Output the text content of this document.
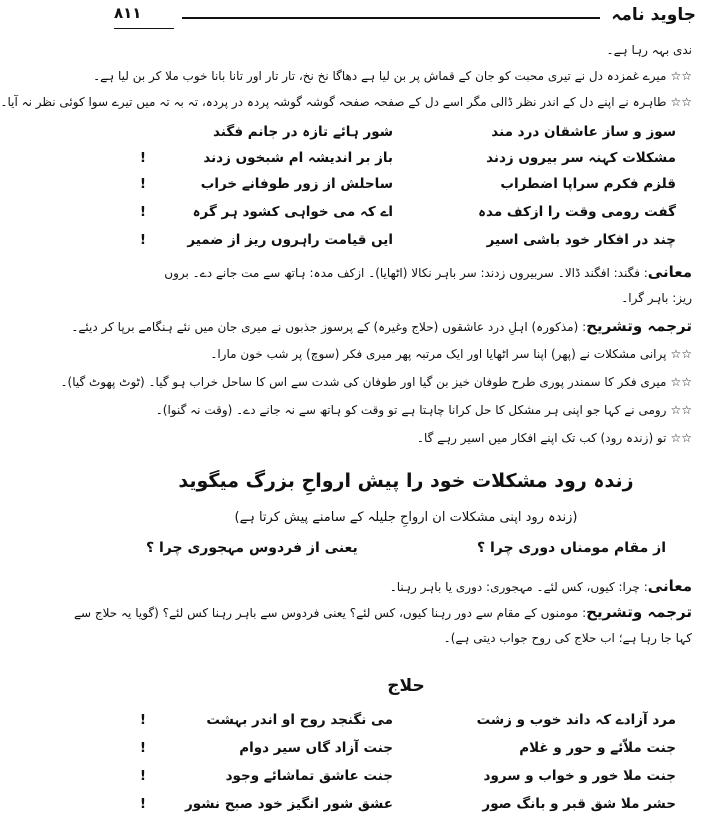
جاوید نامہ
۸۱۱
ندی بہہ رہا ہے۔
☆☆میرے غمزدہ دل نے تیری محبت کو جان کے قماش پر بن لیا ہے دھاگا نخ نخ، تار تار اور تانا بانا خوب ملا کر بن لیا ہے۔
☆☆طاہرہ نے اپنے دل کے اندر نظر ڈالی مگر اسے دل کے صفحہ صفحہ گوشہ گوشہ پردہ در پردہ، تہ بہ تہ میں تیرے سوا کوئی نظر نہ آیا۔
سوز و ساز عاشقان درد مند
شور ہائے تازہ در جانم فگند
مشکلات کہنہ سر بیروں زدند
باز بر اندیشہ ام شبخوں زدند
!
قلزم فکرم سراپا اضطراب
ساحلش از زور طوفانے خراب
!
گفت رومی وقت را ازکف مدہ
اے کہ می خواہی کشود ہر گرہ
!
چند در افکار خود باشی اسیر
ایں قیامت راہروں ریز از ضمیر
!
معانی: فگند: افگند ڈالا۔ سربیروں زدند: سر باہر نکالا (اٹھایا)۔ ازکف مدہ: ہاتھ سے مت جانے دے۔ بروں
ریز: باہر گرا۔
ترجمہ وتشریح: (مذکورہ) اہلِ درد عاشقوں (حلاج وغیرہ) کے پرسوز جذبوں نے میری جان میں نئے ہنگامے برپا کر دیئے۔
☆☆پرانی مشکلات نے (پھر) اپنا سر اٹھایا اور ایک مرتبہ پھر میری فکر (سوچ) پر شب خون مارا۔
☆☆میری فکر کا سمندر پوری طرح طوفان خیز بن گیا اور طوفان کی شدت سے اس کا ساحل خراب ہو گیا۔ (ٹوٹ پھوٹ گیا)۔
☆☆رومی نے کہا جو اپنی ہر مشکل کا حل کرانا چاہتا ہے تو وقت کو ہاتھ سے نہ جانے دے۔ (وقت نہ گنوا)۔
☆☆تو (زندہ رود) کب تک اپنے افکار میں اسیر رہے گا۔
زندہ رود مشکلات خود را پیش ارواحِ بزرگ میگوید
(زندہ رود اپنی مشکلات ان ارواحِ جلیلہ کے سامنے پیش کرتا ہے)
از مقام مومناں دوری چرا ؟
یعنی از فردوس مہجوری چرا ؟
معانی: چرا: کیوں، کس لئے۔ مہجوری: دوری یا باہر رہنا۔
ترجمہ وتشریح: مومنوں کے مقام سے دور رہنا کیوں، کس لئے؟ یعنی فردوس سے باہر رہنا کس لئے؟ (گویا یہ حلاج سے
کہا جا رہا ہے؛ اب حلاج کی روح جواب دیتی ہے)۔
حلاج
مرد آزادے کہ داند خوب و زشت
می نگنجد روح او اندر بہشت
!
جنت ملاّئے و حور و غلام
جنت آزاد گاں سیر دوام
!
جنت ملا خور و خواب و سرود
جنت عاشق تماشائے وجود
!
حشر ملا شق قبر و بانگ صور
عشق شور انگیز خود صبح نشور
!
